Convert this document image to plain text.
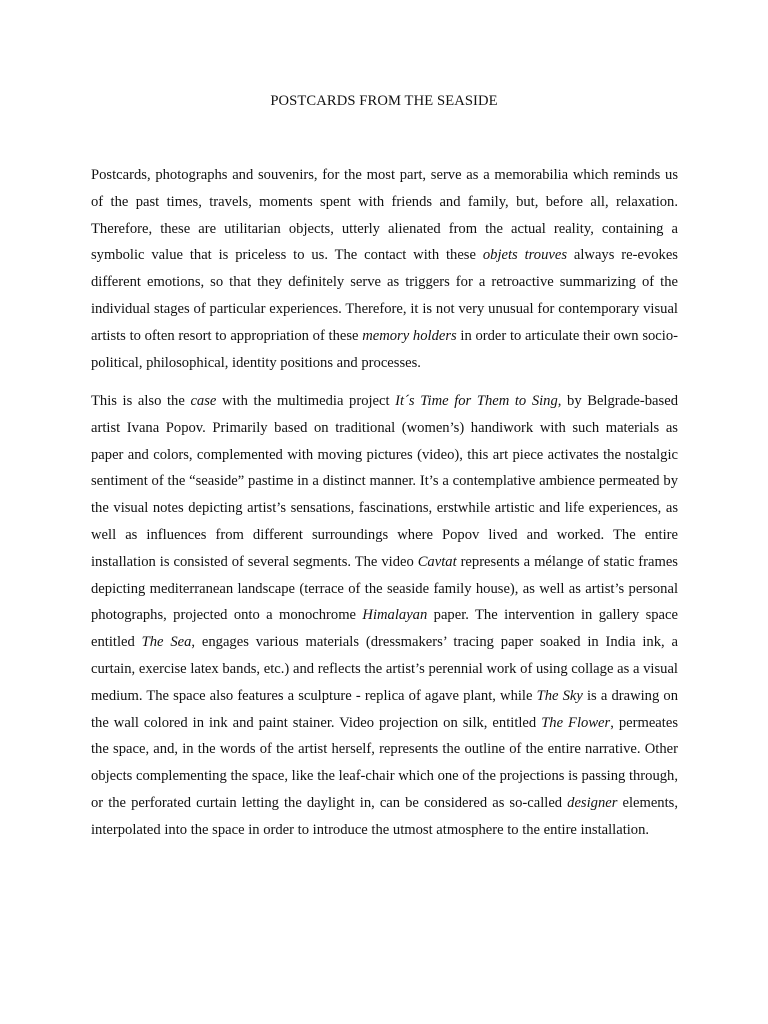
POSTCARDS FROM THE SEASIDE

Postcards, photographs and souvenirs, for the most part, serve as a memorabilia which reminds us of the past times, travels, moments spent with friends and family, but, before all, relaxation. Therefore, these are utilitarian objects, utterly alienated from the actual reality, containing a symbolic value that is priceless to us. The contact with these objets trouves always re-evokes different emotions, so that they definitely serve as triggers for a retroactive summarizing of the individual stages of particular experiences. Therefore, it is not very unusual for contemporary visual artists to often resort to appropriation of these memory holders in order to articulate their own socio-political, philosophical, identity positions and processes.

This is also the case with the multimedia project It´s Time for Them to Sing, by Belgrade-based artist Ivana Popov. Primarily based on traditional (women’s) handiwork with such materials as paper and colors, complemented with moving pictures (video), this art piece activates the nostalgic sentiment of the “seaside” pastime in a distinct manner. It’s a contemplative ambience permeated by the visual notes depicting artist’s sensations, fascinations, erstwhile artistic and life experiences, as well as influences from different surroundings where Popov lived and worked. The entire installation is consisted of several segments. The video Cavtat represents a mélange of static frames depicting mediterranean landscape (terrace of the seaside family house), as well as artist’s personal photographs, projected onto a monochrome Himalayan paper. The intervention in gallery space entitled The Sea, engages various materials (dressmakers’ tracing paper soaked in India ink, a curtain, exercise latex bands, etc.) and reflects the artist’s perennial work of using collage as a visual medium. The space also features a sculpture - replica of agave plant, while The Sky is a drawing on the wall colored in ink and paint stainer. Video projection on silk, entitled The Flower, permeates the space, and, in the words of the artist herself, represents the outline of the entire narrative. Other objects complementing the space, like the leaf-chair which one of the projections is passing through, or the perforated curtain letting the daylight in, can be considered as so-called designer elements, interpolated into the space in order to introduce the utmost atmosphere to the entire installation.
